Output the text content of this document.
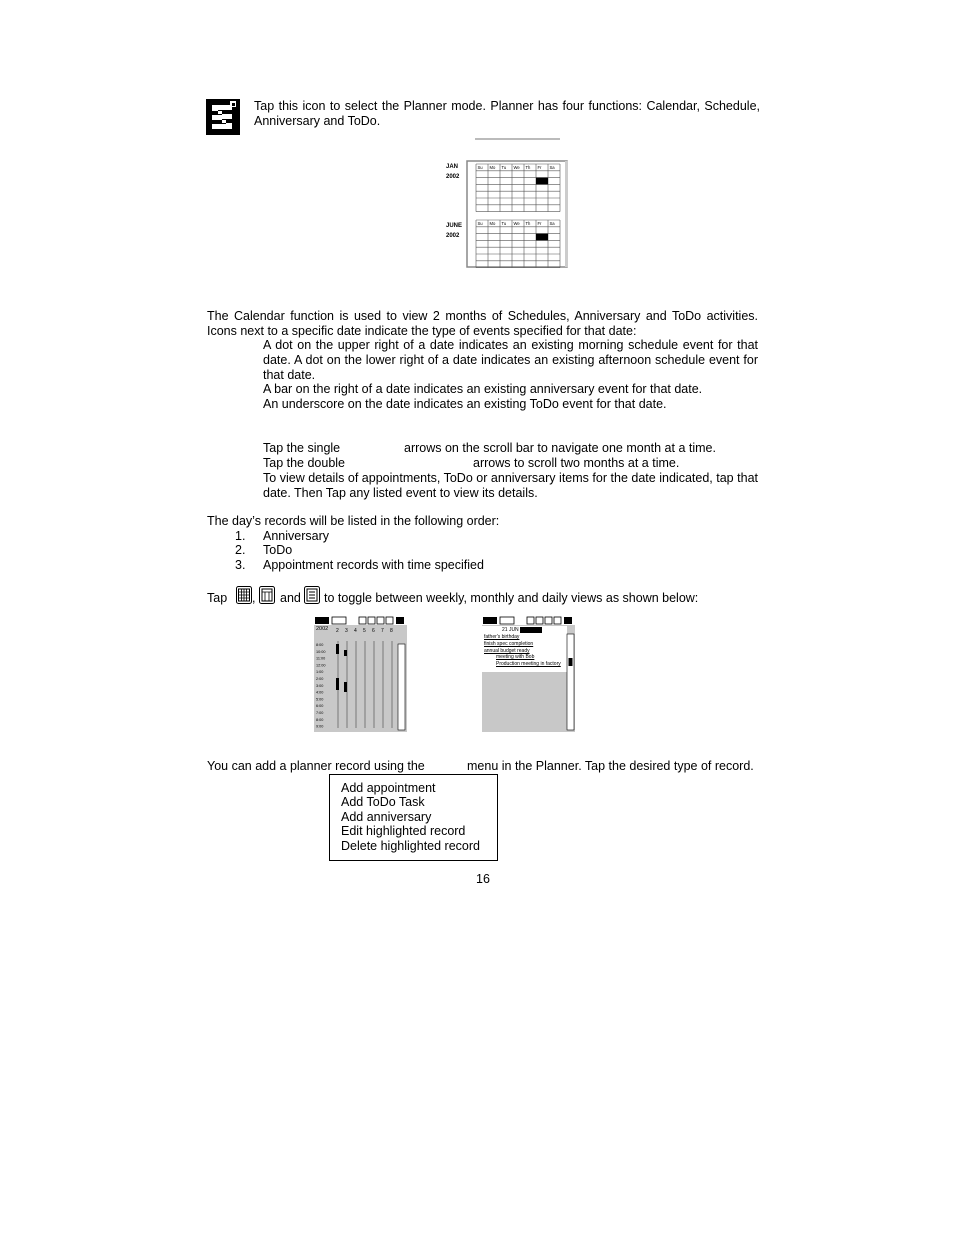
Tap this icon to select the Planner mode. Planner has four functions: Calendar, Schedule, Anniversary and ToDo.
Su Mo Tu We Th Fr Sa
Su Mo Tu We Th Fr Sa
JAN
2002
JUNE
2002
The Calendar function is used to view 2 months of Schedules, Anniversary and ToDo activities. Icons next to a specific date indicate the type of events specified for that date:
A dot on the upper right of a date indicates an existing morning schedule event for that date. A dot on the lower right of a date indicates an existing afternoon schedule event for that date.
A bar on the right of a date indicates an existing anniversary event for that date.
An underscore on the date indicates an existing ToDo event for that date.
Tap the single	arrows on the scroll bar to navigate one month at a time.
Tap the double	arrows to scroll two months at a time.
To view details of appointments, ToDo or anniversary items for the date indicated, tap that date. Then Tap any listed event to view its details.
The day’s records will be listed in the following order:
1. Anniversary
2. ToDo
3. Appointment records with time specified
Tap , and to toggle between weekly, monthly and daily views as shown below:
2 3 4 5 6 7 8
8:00
10:00
11:00
12:00
1:00
2:00
3:00
4:00
5:00
6:00
7:00
8:00
9:00
2002	21 JUN
father's birthday
finish spec completion
annual budget ready
meeting with Bob
Production meeting in factory
You can add a planner record using the	menu in the Planner. Tap the desired type of record.
Add appointment
Add ToDo Task
Add anniversary
Edit highlighted record
Delete highlighted record
16
